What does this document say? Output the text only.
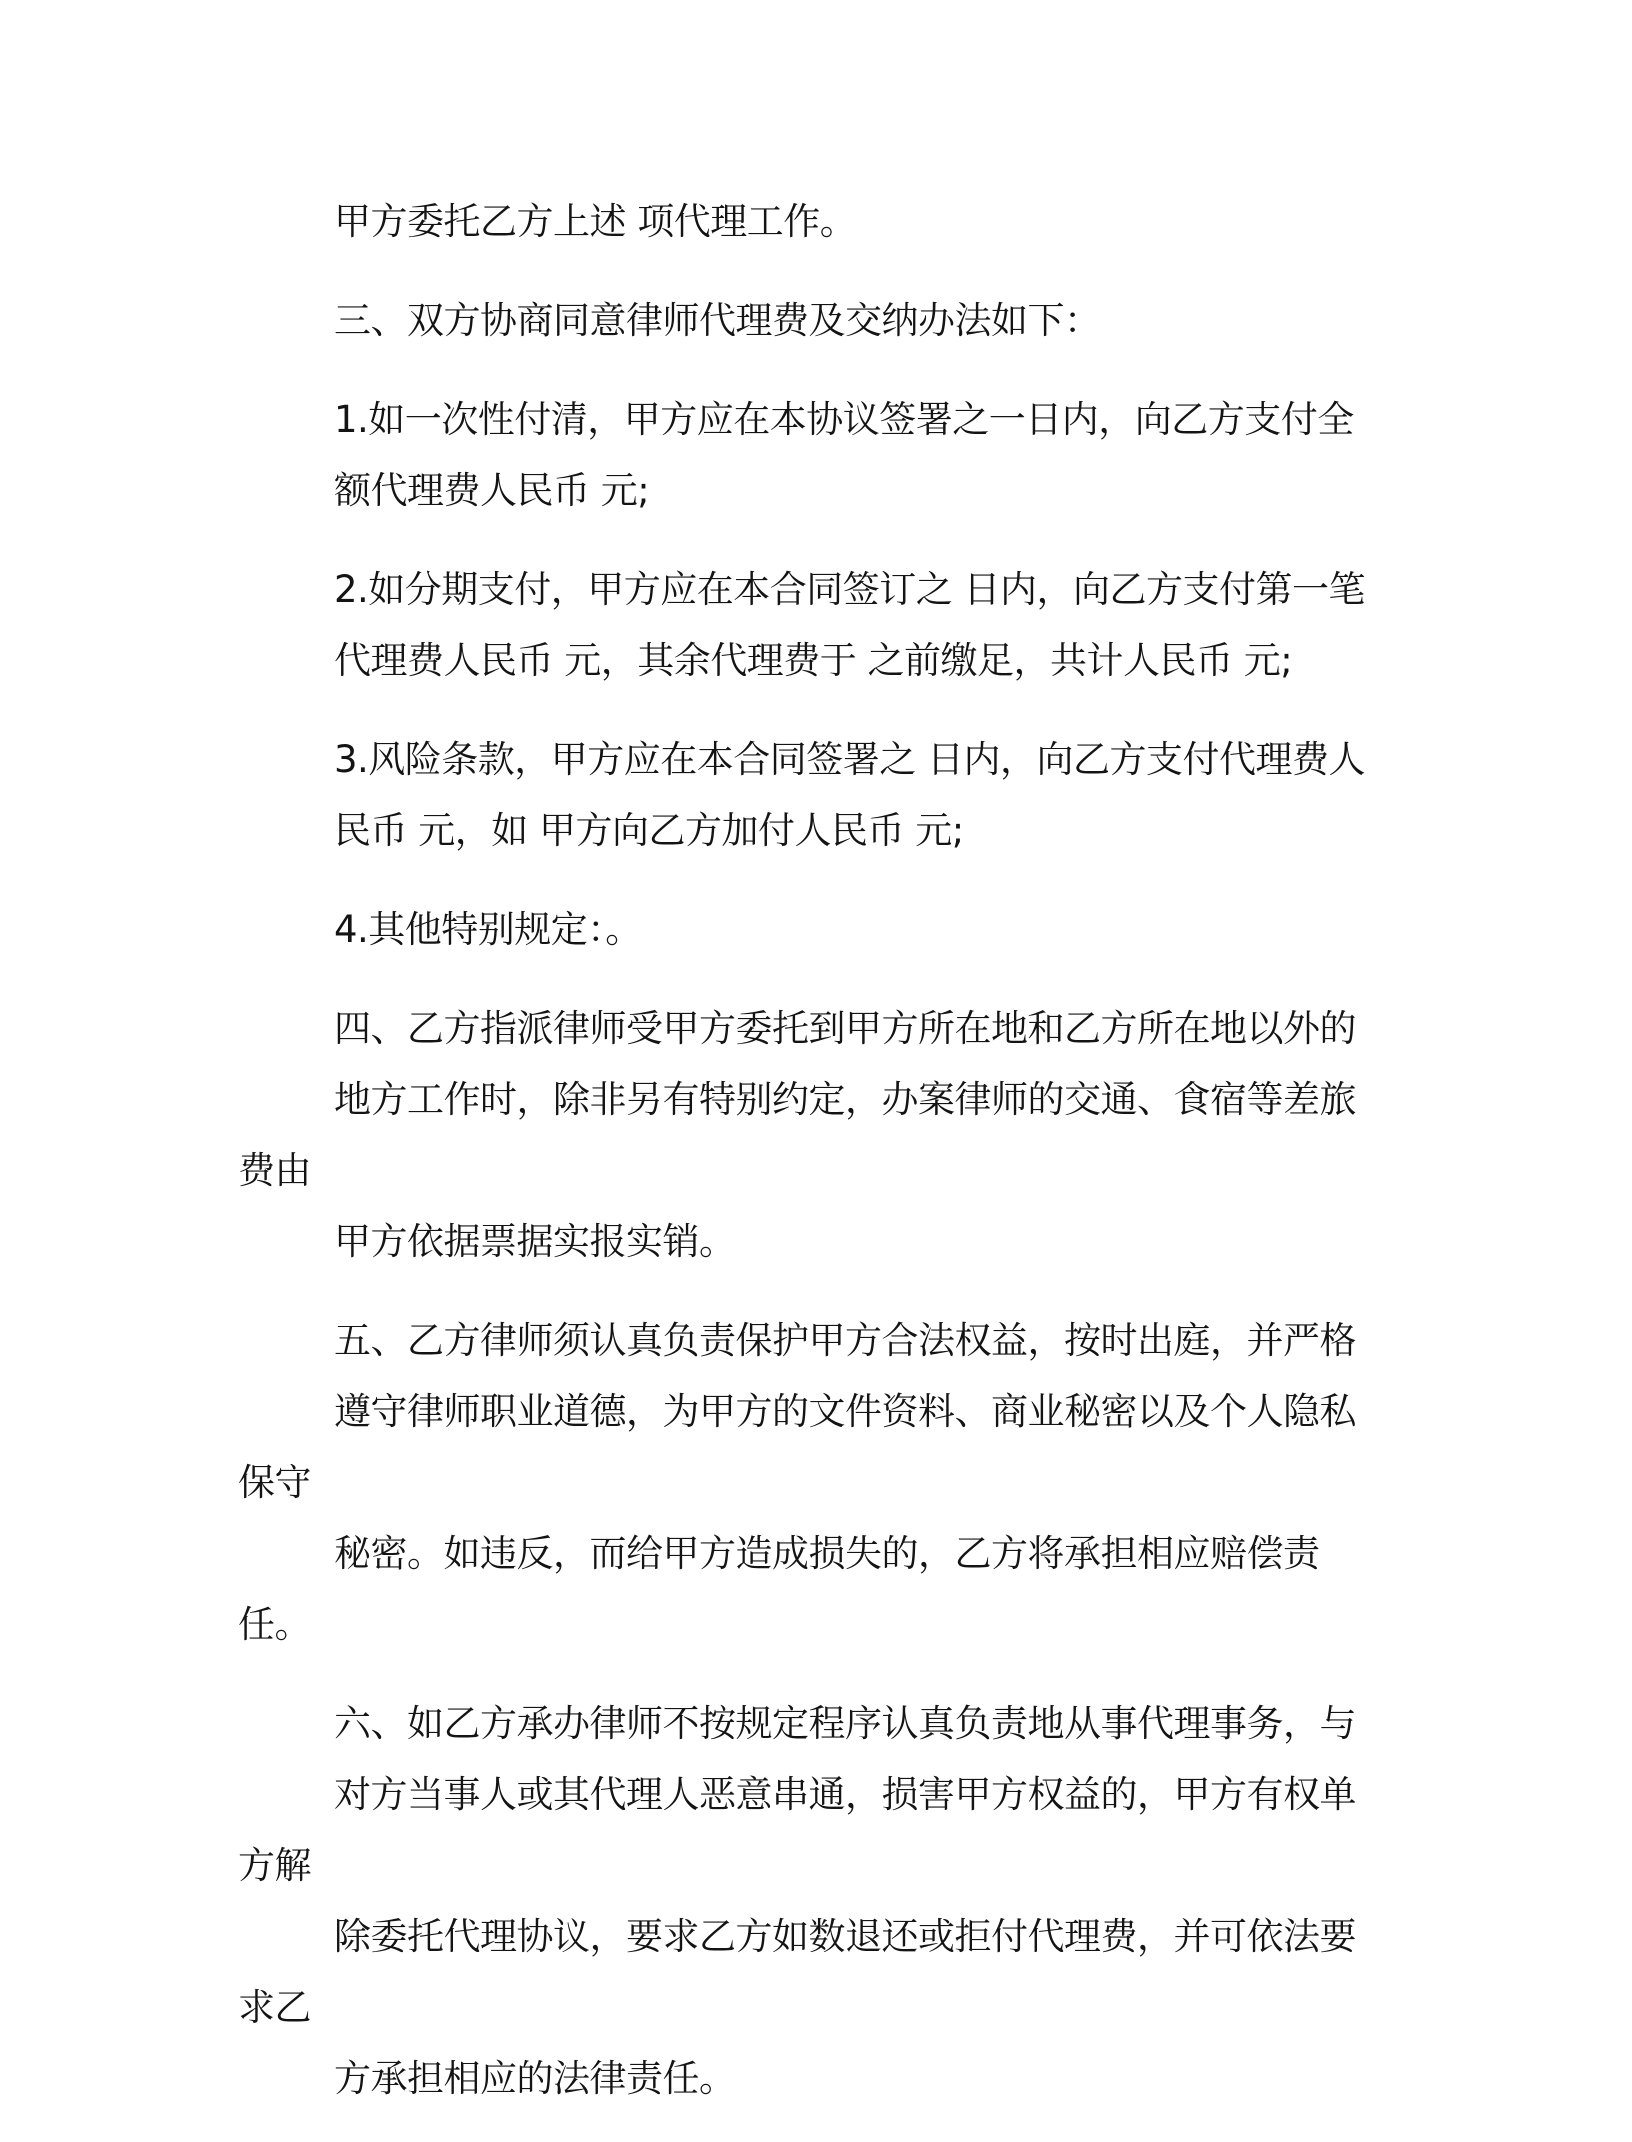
甲方委托乙方上述 项代理工作。

三、双方协商同意律师代理费及交纳办法如下：

1.如一次性付清，甲方应在本协议签署之一日内，向乙方支付全
额代理费人民币 元;

2.如分期支付，甲方应在本合同签订之 日内，向乙方支付第一笔
代理费人民币 元，其余代理费于 之前缴足，共计人民币 元;

3.风险条款，甲方应在本合同签署之 日内，向乙方支付代理费人
民币 元，如 甲方向乙方加付人民币 元;

4.其他特别规定：。

四、乙方指派律师受甲方委托到甲方所在地和乙方所在地以外的
地方工作时，除非另有特别约定，办案律师的交通、食宿等差旅费由
甲方依据票据实报实销。

五、乙方律师须认真负责保护甲方合法权益，按时出庭，并严格
遵守律师职业道德，为甲方的文件资料、商业秘密以及个人隐私保守
秘密。如违反，而给甲方造成损失的，乙方将承担相应赔偿责任。

六、如乙方承办律师不按规定程序认真负责地从事代理事务，与
对方当事人或其代理人恶意串通，损害甲方权益的，甲方有权单方解
除委托代理协议，要求乙方如数退还或拒付代理费，并可依法要求乙
方承担相应的法律责任。
